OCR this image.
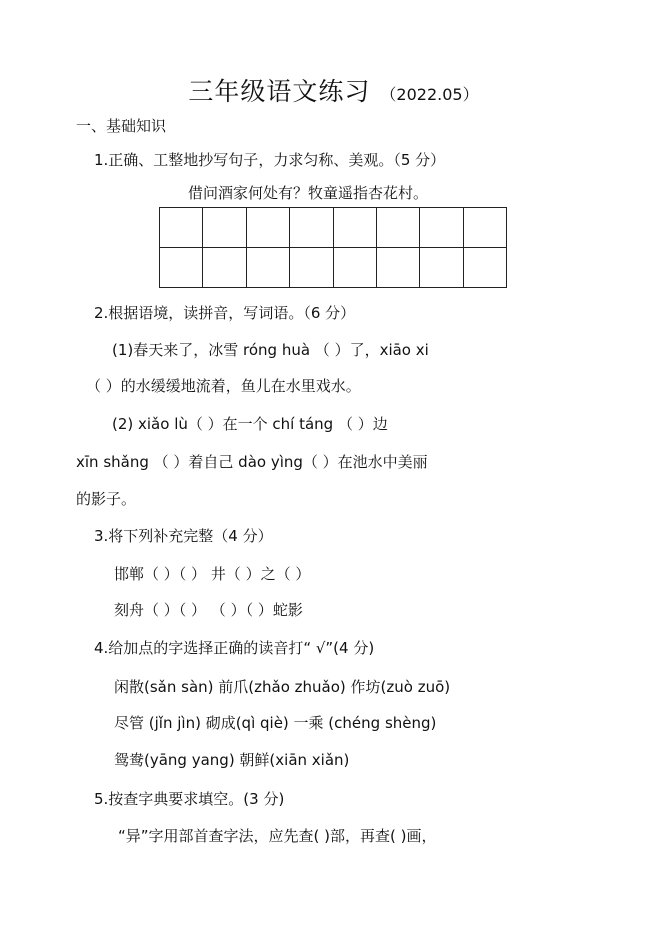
三年级语文练习 （2022.05）
一、基础知识
1.正确、工整地抄写句子，力求匀称、美观。（5 分）
借问酒家何处有？牧童遥指杏花村。

2.根据语境，读拼音，写词语。（6 分）
(1)春天来了，冰雪 róng huà （ ）了，xiāo xi
（ ）的水缓缓地流着，鱼儿在水里戏水。
(2) xiǎo lù（ ）在一个 chí táng （ ）边
xīn shǎng （ ）着自己 dào yìng（ ）在池水中美丽
的影子。
3.将下列补充完整（4 分）
邯郸（ ）（ ） 井（ ）之（ ）
刻舟（ ）（ ） （ ）（ ）蛇影
4.给加点的字选择正确的读音打“ √”(4 分)
闲散(sǎn sàn) 前爪(zhǎo zhuǎo) 作坊(zuò zuō)
尽管 (jǐn jìn) 砌成(qì qiè) 一乘 (chéng shèng)
鸳鸯(yāng yang) 朝鲜(xiān xiǎn)
5.按查字典要求填空。(3 分)
“异”字用部首查字法，应先查( )部，再查( )画，
